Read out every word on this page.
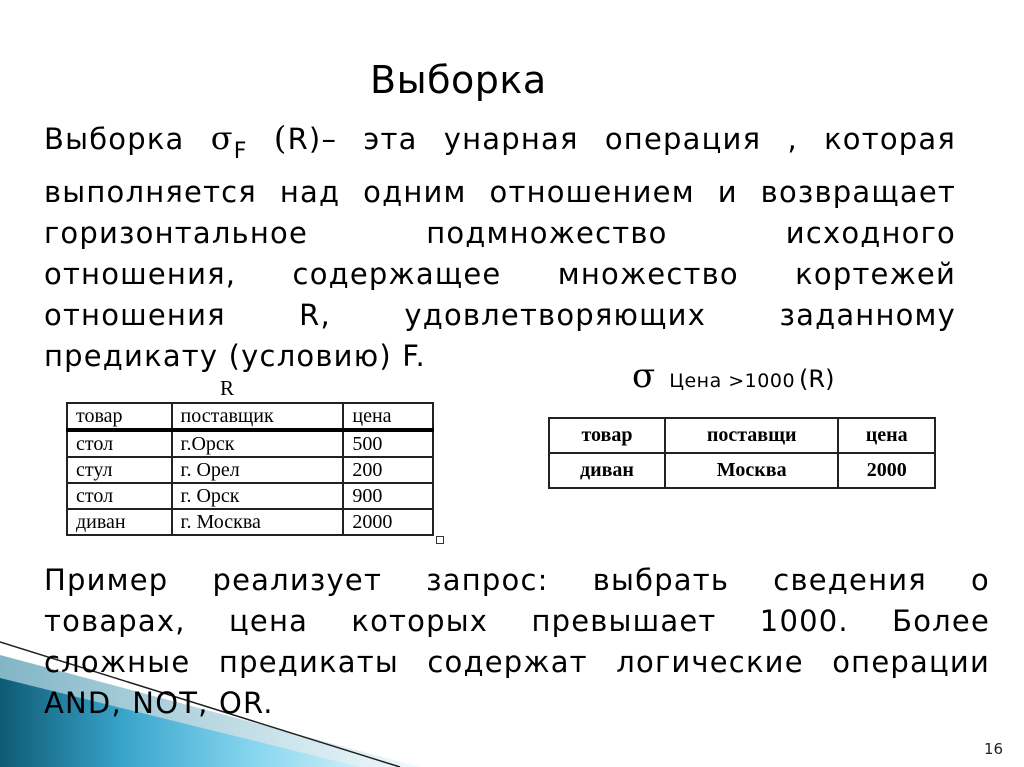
Выборка

Выборка $\sigma_F$ (R)– эта унарная операция , которая
выполняется над одним отношением и возвращает
горизонтальное подмножество исходного
отношения, содержащее множество кортежей
отношения R, удовлетворяющих заданному
предикату (условию) F.	σ Цена >1000 (R)
R
товар	поставщик	цена
стол	г.Орск	500
стул	г. Орел	200
стол	г. Орск	900
диван	г. Москва	2000
товар	поставщи	цена
диван	Москва	2000

Пример реализует запрос: выбрать сведения о
товарах, цена которых превышает 1000. Более
сложные предикаты содержат логические операции
AND, NOT, OR.

16
